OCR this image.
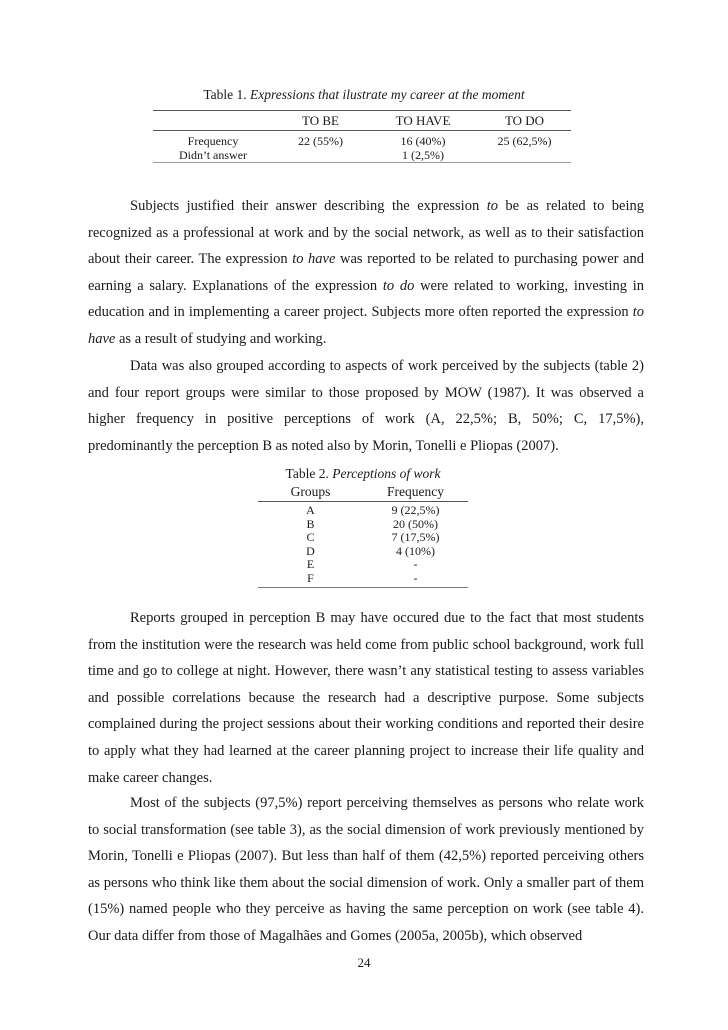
Table 1. Expressions that ilustrate my career at the moment
	TO BE	TO HAVE	TO DO
Frequency	22 (55%)	16 (40%)	25 (62,5%)
Didn’t answer		1 (2,5%)	

Subjects justified their answer describing the expression to be as related to being recognized as a professional at work and by the social network, as well as to their satisfaction about their career. The expression to have was reported to be related to purchasing power and earning a salary. Explanations of the expression to do were related to working, investing in education and in implementing a career project. Subjects more often reported the expression to have as a result of studying and working.

Data was also grouped according to aspects of work perceived by the subjects (table 2) and four report groups were similar to those proposed by MOW (1987). It was observed a higher frequency in positive perceptions of work (A, 22,5%; B, 50%; C, 17,5%), predominantly the perception B as noted also by Morin, Tonelli e Pliopas (2007).

Table 2. Perceptions of work
Groups	Frequency
A	9 (22,5%)
B	20 (50%)
C	7 (17,5%)
D	4 (10%)
E	-
F	-

Reports grouped in perception B may have occured due to the fact that most students from the institution were the research was held come from public school background, work full time and go to college at night. However, there wasn’t any statistical testing to assess variables and possible correlations because the research had a descriptive purpose. Some subjects complained during the project sessions about their working conditions and reported their desire to apply what they had learned at the career planning project to increase their life quality and make career changes.

Most of the subjects (97,5%) report perceiving themselves as persons who relate work to social transformation (see table 3), as the social dimension of work previously mentioned by Morin, Tonelli e Pliopas (2007). But less than half of them (42,5%) reported perceiving others as persons who think like them about the social dimension of work. Only a smaller part of them (15%) named people who they perceive as having the same perception on work (see table 4). Our data differ from those of Magalhães and Gomes (2005a, 2005b), which observed

24
